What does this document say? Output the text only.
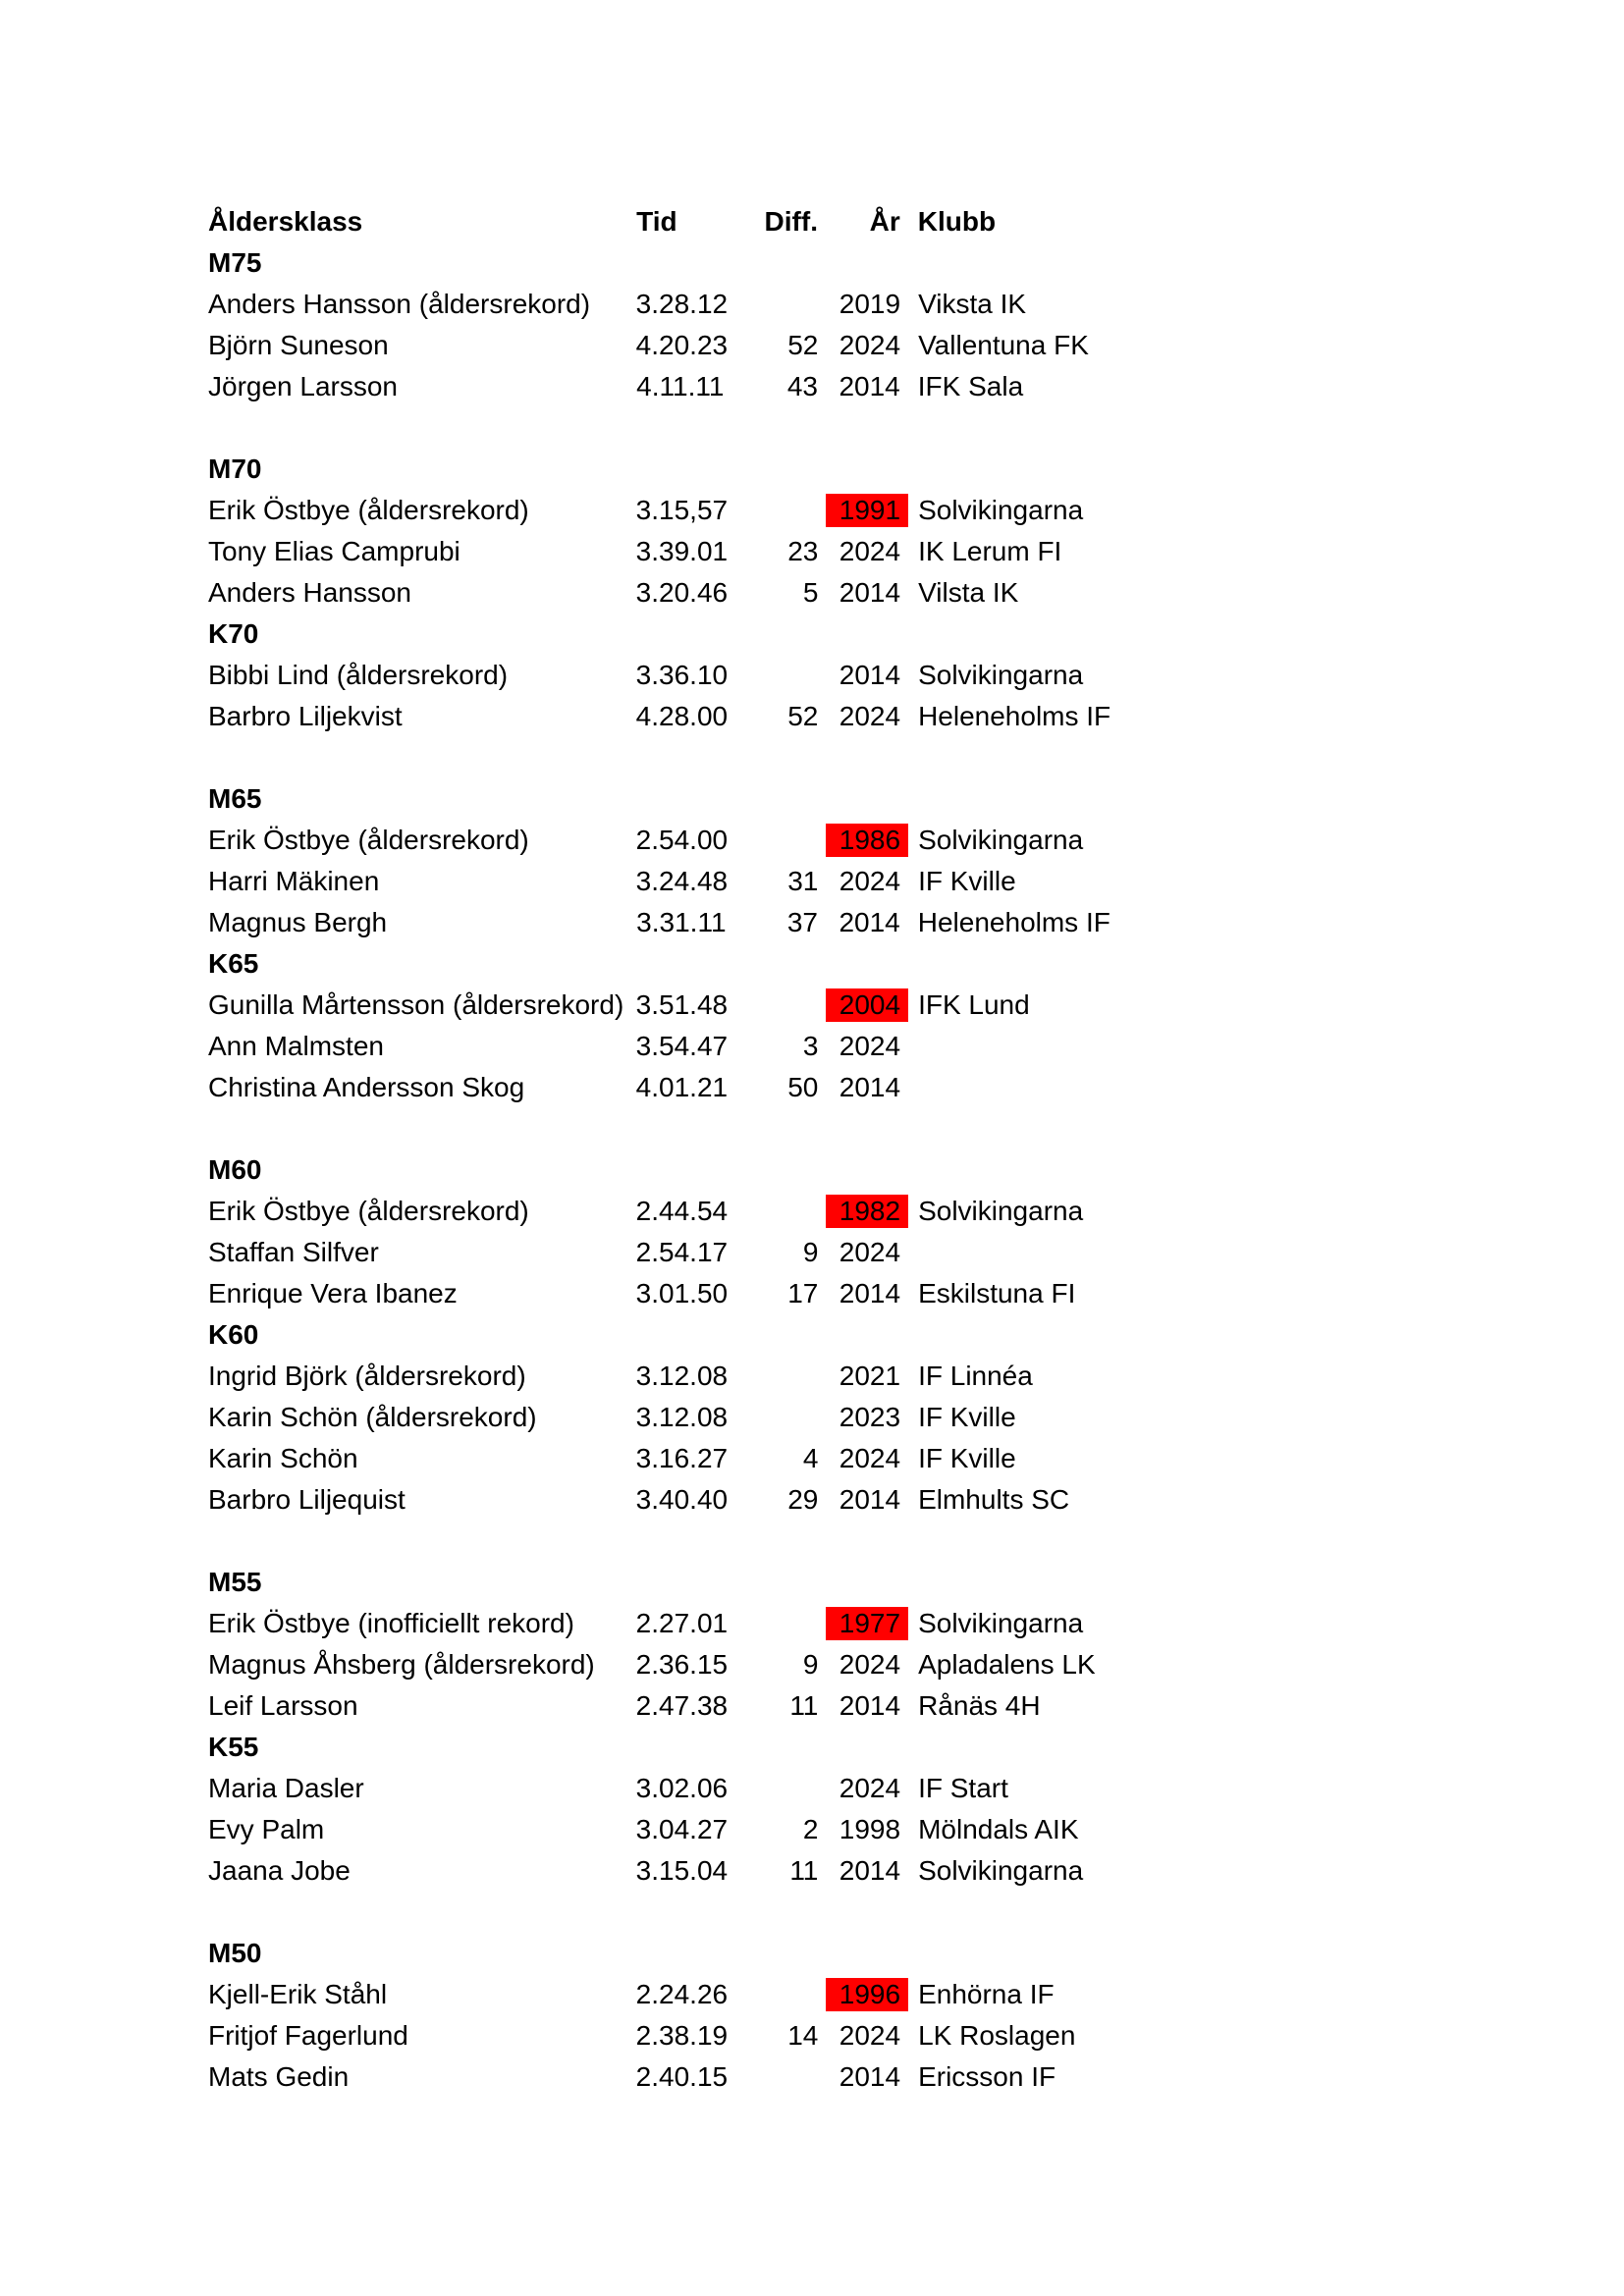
Åldersklass	Tid	Diff.	År Klubb
M75
Anders Hansson (åldersrekord)	3.28.12	2019 Viksta IK
Björn Suneson	4.20.23	52 2024 Vallentuna FK
Jörgen Larsson	4.11.11	43 2014 IFK Sala
M70
Erik Östbye (åldersrekord)	3.15,57	1991 Solvikingarna
Tony Elias Camprubi	3.39.01	23 2024 IK Lerum FI
Anders Hansson	3.20.46	5 2014 Vilsta IK
K70
Bibbi Lind (åldersrekord)	3.36.10	2014 Solvikingarna
Barbro Liljekvist	4.28.00	52 2024 Heleneholms IF
M65
Erik Östbye (åldersrekord)	2.54.00	1986 Solvikingarna
Harri Mäkinen	3.24.48	31 2024 IF Kville
Magnus Bergh	3.31.11	37 2014 Heleneholms IF
K65
Gunilla Mårtensson (åldersrekord) 3.51.48	2004 IFK Lund
Ann Malmsten	3.54.47	3 2024
Christina Andersson Skog	4.01.21	50 2014
M60
Erik Östbye (åldersrekord)	2.44.54	1982 Solvikingarna
Staffan Silfver	2.54.17	9 2024
Enrique Vera Ibanez	3.01.50	17 2014 Eskilstuna FI
K60
Ingrid Björk (åldersrekord)	3.12.08	2021 IF Linnéa
Karin Schön (åldersrekord)	3.12.08	2023 IF Kville
Karin Schön	3.16.27	4 2024 IF Kville
Barbro Liljequist	3.40.40	29 2014 Elmhults SC
M55
Erik Östbye (inofficiellt rekord)	2.27.01	1977 Solvikingarna
Magnus Åhsberg (åldersrekord)	2.36.15	9 2024 Apladalens LK
Leif Larsson	2.47.38	11 2014 Rånäs 4H
K55
Maria Dasler	3.02.06	2024 IF Start
Evy Palm	3.04.27	2 1998 Mölndals AIK
Jaana Jobe	3.15.04	11 2014 Solvikingarna
M50
Kjell-Erik Ståhl	2.24.26	1996 Enhörna IF
Fritjof Fagerlund	2.38.19	14 2024 LK Roslagen
Mats Gedin	2.40.15	2014 Ericsson IF
